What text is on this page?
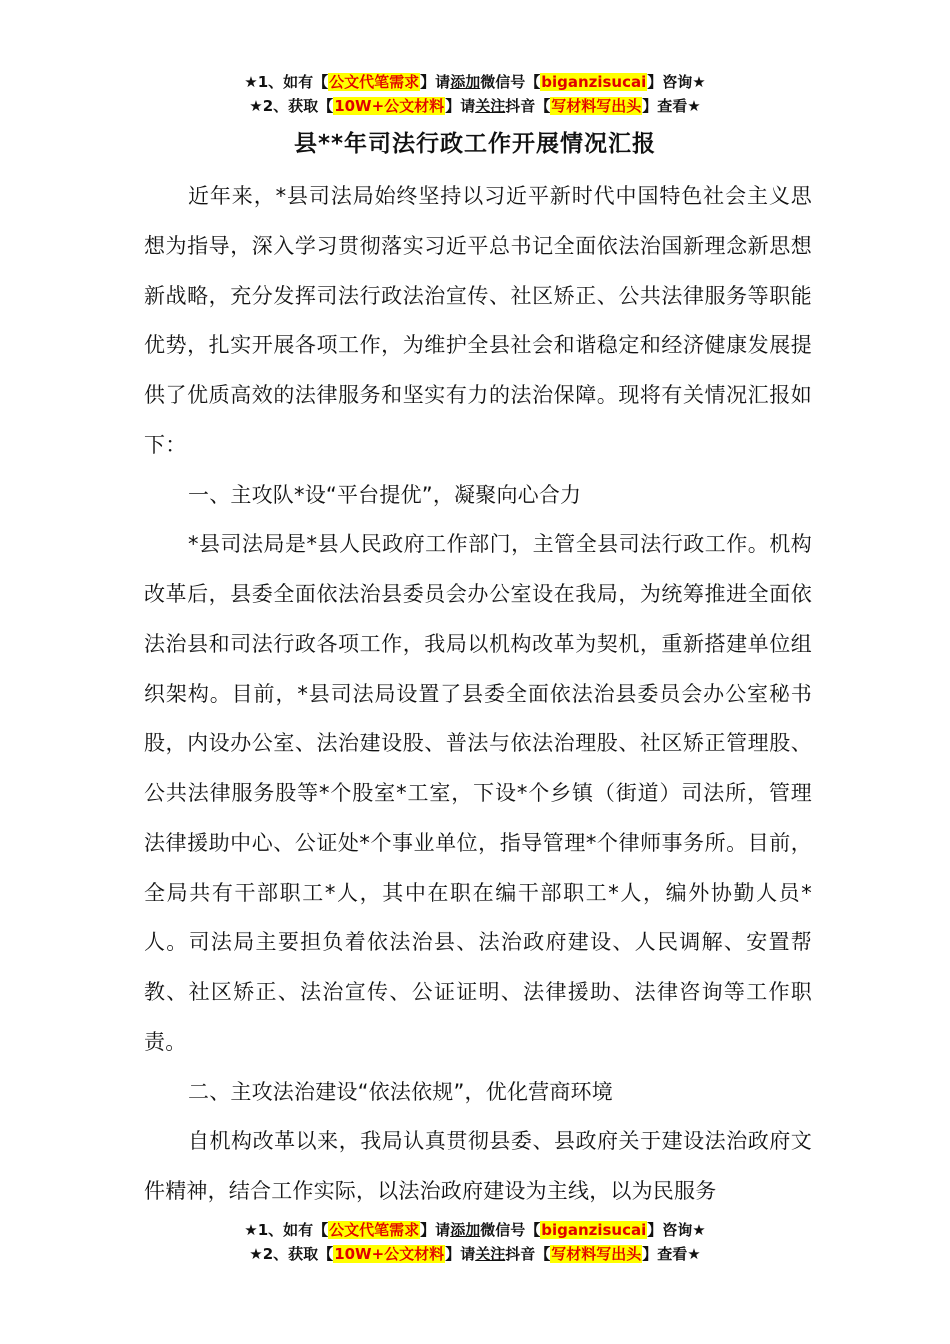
★1、如有【公文代笔需求】请添加微信号【biganzisucai】咨询★
★2、获取【10W+公文材料】请关注抖音【写材料写出头】查看★
县**年司法行政工作开展情况汇报

近年来，*县司法局始终坚持以习近平新时代中国特色社会主义思想为指导，深入学习贯彻落实习近平总书记全面依法治国新理念新思想新战略，充分发挥司法行政法治宣传、社区矫正、公共法律服务等职能优势，扎实开展各项工作，为维护全县社会和谐稳定和经济健康发展提供了优质高效的法律服务和坚实有力的法治保障。现将有关情况汇报如下：

一、主攻队*设“平台提优”，凝聚向心合力

*县司法局是*县人民政府工作部门，主管全县司法行政工作。机构改革后，县委全面依法治县委员会办公室设在我局，为统筹推进全面依法治县和司法行政各项工作，我局以机构改革为契机，重新搭建单位组织架构。目前，*县司法局设置了县委全面依法治县委员会办公室秘书股，内设办公室、法治建设股、普法与依法治理股、社区矫正管理股、公共法律服务股等*个股室*工室，下设*个乡镇（街道）司法所，管理法律援助中心、公证处*个事业单位，指导管理*个律师事务所。目前，全局共有干部职工*人，其中在职在编干部职工*人，编外协勤人员*人。司法局主要担负着依法治县、法治政府建设、人民调解、安置帮教、社区矫正、法治宣传、公证证明、法律援助、法律咨询等工作职责。

二、主攻法治建设“依法依规”，优化营商环境

自机构改革以来，我局认真贯彻县委、县政府关于建设法治政府文件精神，结合工作实际，以法治政府建设为主线，以为民服务

★1、如有【公文代笔需求】请添加微信号【biganzisucai】咨询★
★2、获取【10W+公文材料】请关注抖音【写材料写出头】查看★
